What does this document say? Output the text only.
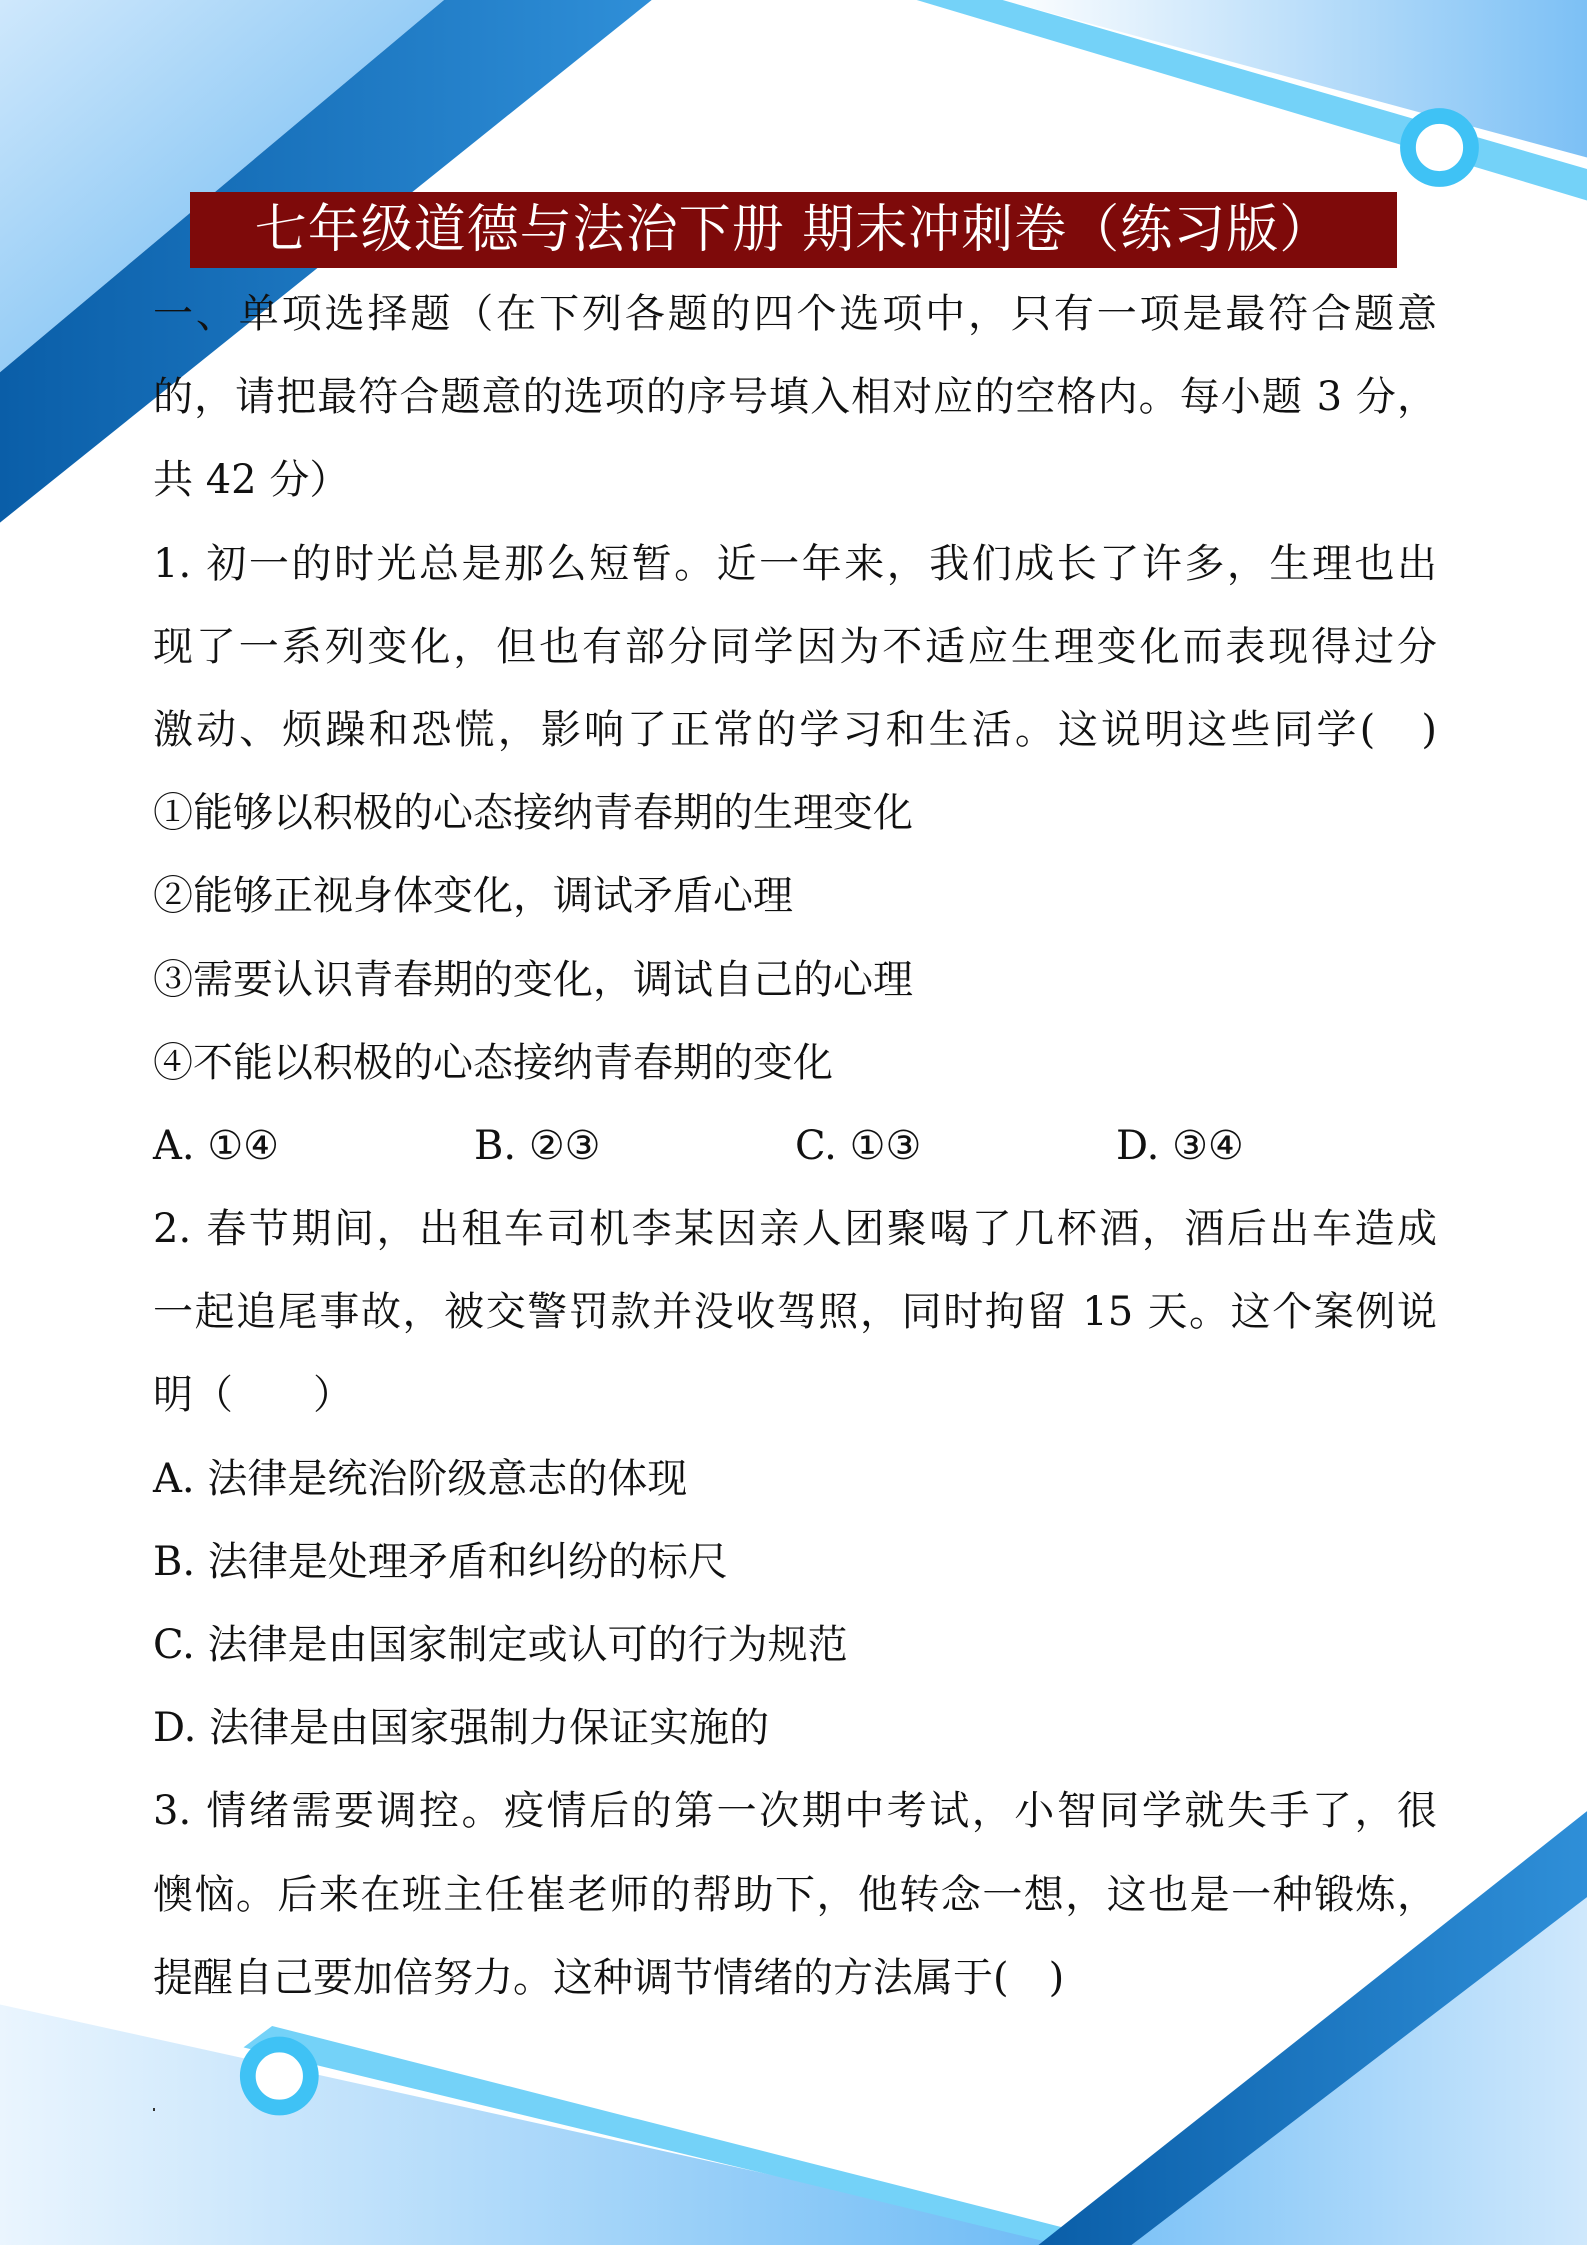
七年级道德与法治下册 期末冲刺卷（练习版）
一、单项选择题（在下列各题的四个选项中，只有一项是最符合题意
的，请把最符合题意的选项的序号填入相对应的空格内。每小题 3 分，
共 42 分）
1. 初一的时光总是那么短暂。近一年来，我们成长了许多，生理也出
现了一系列变化，但也有部分同学因为不适应生理变化而表现得过分
激动、烦躁和恐慌，影响了正常的学习和生活。这说明这些同学(　)
①能够以积极的心态接纳青春期的生理变化
②能够正视身体变化，调试矛盾心理
③需要认识青春期的变化，调试自己的心理
④不能以积极的心态接纳青春期的变化
A. ①④	B. ②③	C. ①③	D. ③④
2. 春节期间，出租车司机李某因亲人团聚喝了几杯酒，酒后出车造成
一起追尾事故，被交警罚款并没收驾照，同时拘留 15 天。这个案例说
明（　　）
A. 法律是统治阶级意志的体现
B. 法律是处理矛盾和纠纷的标尺
C. 法律是由国家制定或认可的行为规范
D. 法律是由国家强制力保证实施的
3. 情绪需要调控。疫情后的第一次期中考试，小智同学就失手了，很
懊恼。后来在班主任崔老师的帮助下，他转念一想，这也是一种锻炼，
提醒自己要加倍努力。这种调节情绪的方法属于(　)
